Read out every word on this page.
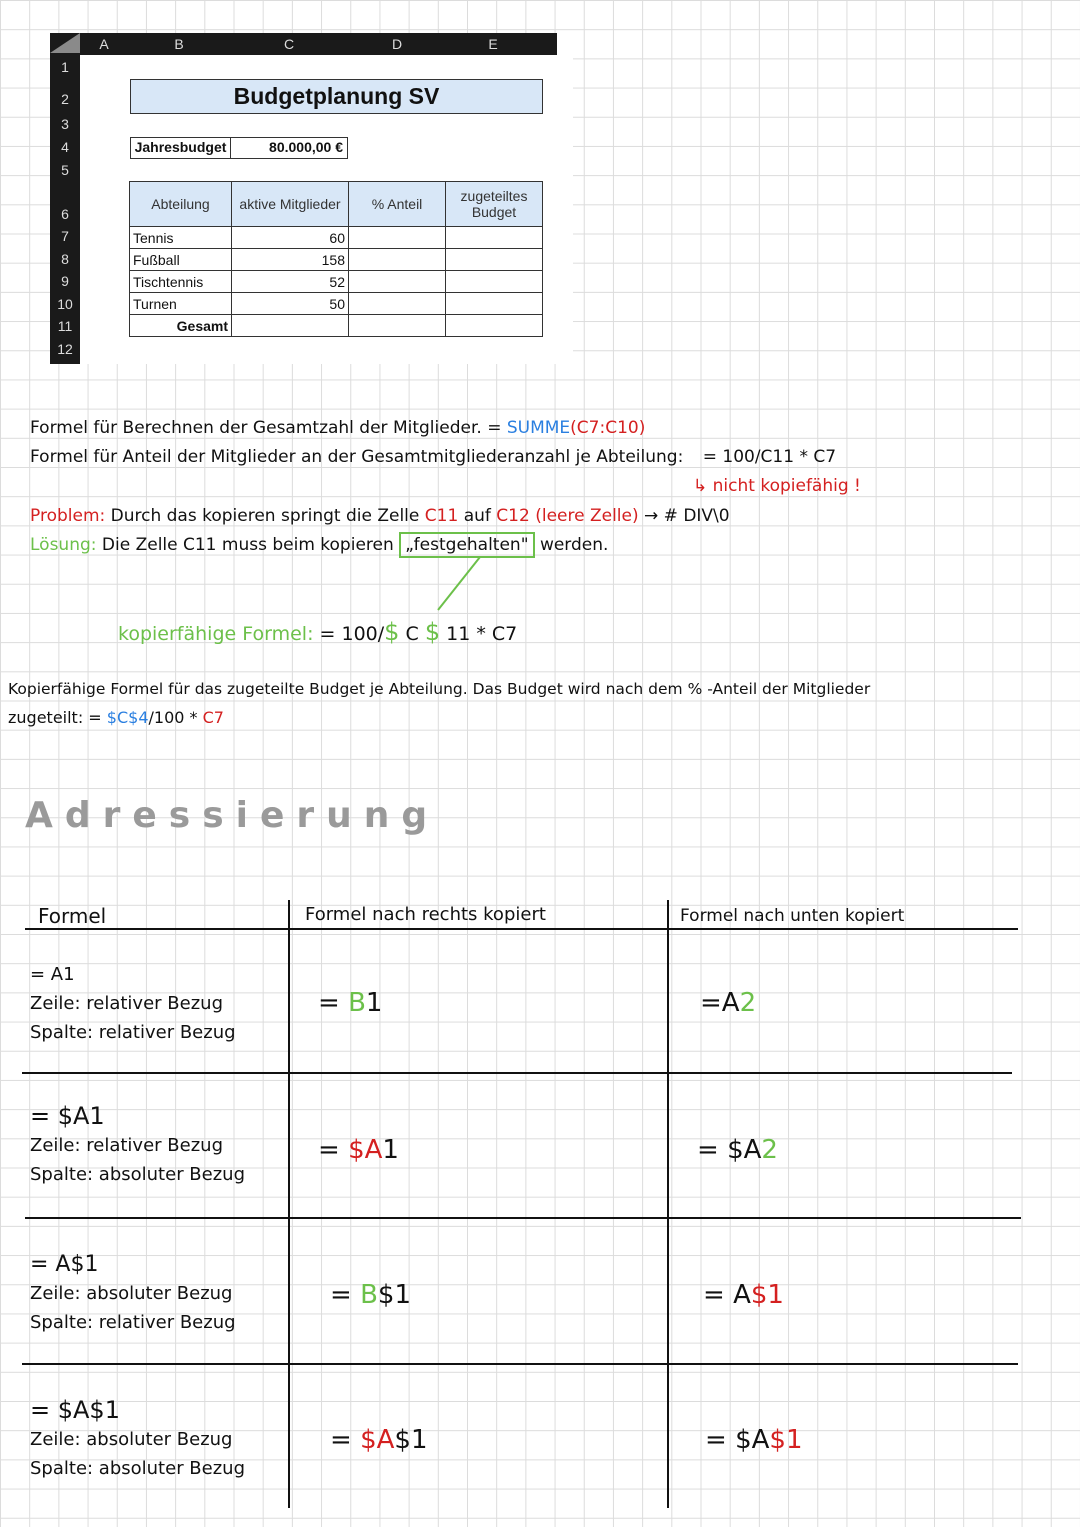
A	B	C	D	E
1
2
3
4
5
6
7
8
9
10
11
12
Budgetplanung SV
Jahresbudget	80.000,00 €
Abteilung	aktive Mitglieder	% Anteil	zugeteiltes Budget
Tennis	60		
Fußball	158		
Tischtennis	52		
Turnen	50		
Gesamt			
Formel für Berechnen der Gesamtzahl der Mitglieder. = SUMME(C7:C10)
Formel für Anteil der Mitglieder an der Gesamtmitgliederanzahl je Abteilung: = 100/C11 * C7
↳ nicht kopiefähig !
Problem: Durch das kopieren springt die Zelle C11 auf C12 (leere Zelle) → # DIV\0
Lösung: Die Zelle C11 muss beim kopieren „festgehalten" werden.
kopierfähige Formel: = 100/$ C $ 11 * C7
Kopierfähige Formel für das zugeteilte Budget je Abteilung. Das Budget wird nach dem % -Anteil der Mitglieder
zugeteilt: = $C$4/100 * C7
Adressierung
Formel	Formel nach rechts kopiert	Formel nach unten kopiert
= A1
Zeile: relativer Bezug
Spalte: relativer Bezug
= B1	=A2
= $A1
Zeile: relativer Bezug
Spalte: absoluter Bezug
= $A1	= $A2
= A$1
Zeile: absoluter Bezug
Spalte: relativer Bezug
= B$1	= A$1
= $A$1
Zeile: absoluter Bezug
Spalte: absoluter Bezug
= $A$1	= $A$1
